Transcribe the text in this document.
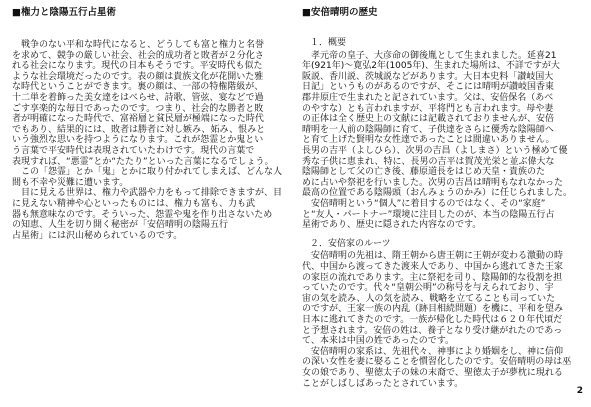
■権力と陰陽五行占星術
戦争のない平和な時代になると、どうしても富と権力と名誉
を求めて、競争の厳しい社会、社会的成功者と敗者が２分化さ
れる社会になります。現代の日本もそうです。平安時代も似た
ような社会環境だったのです。表の顔は貴族文化が花開いた雅
な時代ということができます。裏の顔は、一部の特権階級が、
十二単を着飾った美女達をはべらせ、詩歌、管弦、宴などで過
ごす享楽的な毎日であったのです。つまり、社会的な勝者と敗
者が明確になった時代で、富裕層と貧民層が極端になった時代
でもあり、結果的には、敗者は勝者に対し嫉み、妬み、恨みと
いう強烈な思いを持つようになります。これが怨霊とか鬼とい
う言葉で平安時代は表現されていたわけです。現代の言葉で
表現すれば、“悪霊”とか“たたり”といった言葉になるでしょう。
この「怨霊」とか「鬼」とかに取り付かれてしまえば、どんな人
間も不幸や災難に遭います。
目に見える世界は、権力や武器や力をもって排除できますが、目
に見えない精神や心といったものには、権力も富も、力も武
器も無意味なのです。そういった、怨霊や鬼を作り出さないため
の知恵、人生を切り開く秘密が「安倍晴明の陰陽五行
占星術」には沢山秘められているのです。
■安倍晴明の歴史
１．概要
孝元帝の皇子、大彦命の御後胤として生まれました。延喜21
年(921年)～寛弘2年(1005年)、生まれた場所は、不詳ですが大
阪説、香川説、茨城説などがあります。大日本史料「讃岐国大
日記」というものがあるのですが、そこには晴明が讃岐国香東
郡井原庄で生まれたと記されています。父は、安倍保名（あべ
のやすな）とも言われますが、平将門とも言われます。母や妻
の正体は全く歴史上の文献には記載されておりませんが、安倍
晴明を一人前の陰陽師に育て、子供達をさらに優秀な陰陽師へ
と育て上げた賢明な女性達であったことは間違いありません。
長男の吉平（よしひら）、次男の吉昌（よしまさ）という極めて優
秀な子供に恵まれ、特に、長男の吉平は賀茂光栄と並ぶ偉大な
陰陽師として父の亡き後、藤原道長をはじめ天皇・貴族のた
めに占いや祭祀を行いました。次男の吉昌は晴明もなれなかった
最高の位置である陰陽頭（おんみょうのかみ）に任じられました。
安倍晴明という“個人”に着目するのではなく、その“家庭”
と“友人・パートナー”環境に注目したのが、本当の陰陽五行占
星術であり、歴史に隠された内容なのです。
２．安倍家のルーツ
安倍晴明の先祖は、隋王朝から唐王朝に王朝が変わる激動の時
代、中国から渡ってきた渡来人であり、中国から逃れてきた王家
の家臣の流れであります。主に祭祀を司り、陰陽師的な役割を担
っていたのです。代々“皇朝公明”の称号を与えられており、宇
宙の気を読み、人の気を読み、戦略を立てることも司っていた
のですが、王家一族の内乱（跡目相続問題）を機に、平和を望み
日本に逃れてきたのです。一族が帰化した時代は６２０年代頃だ
と予想されます。安倍の姓は、養子となり受け継がれたのであっ
て、本来は中国の姓であったのです。
安倍晴明の家系は、先祖代々、神事により婚姻をし、神に信仰
の深い女性を妻に娶ることを慣習化したのです。安倍晴明の母は巫
女の娘であり、聖徳太子の妹の末裔で、聖徳太子が夢枕に現れる
ことがしばしばあったとされています。
2
